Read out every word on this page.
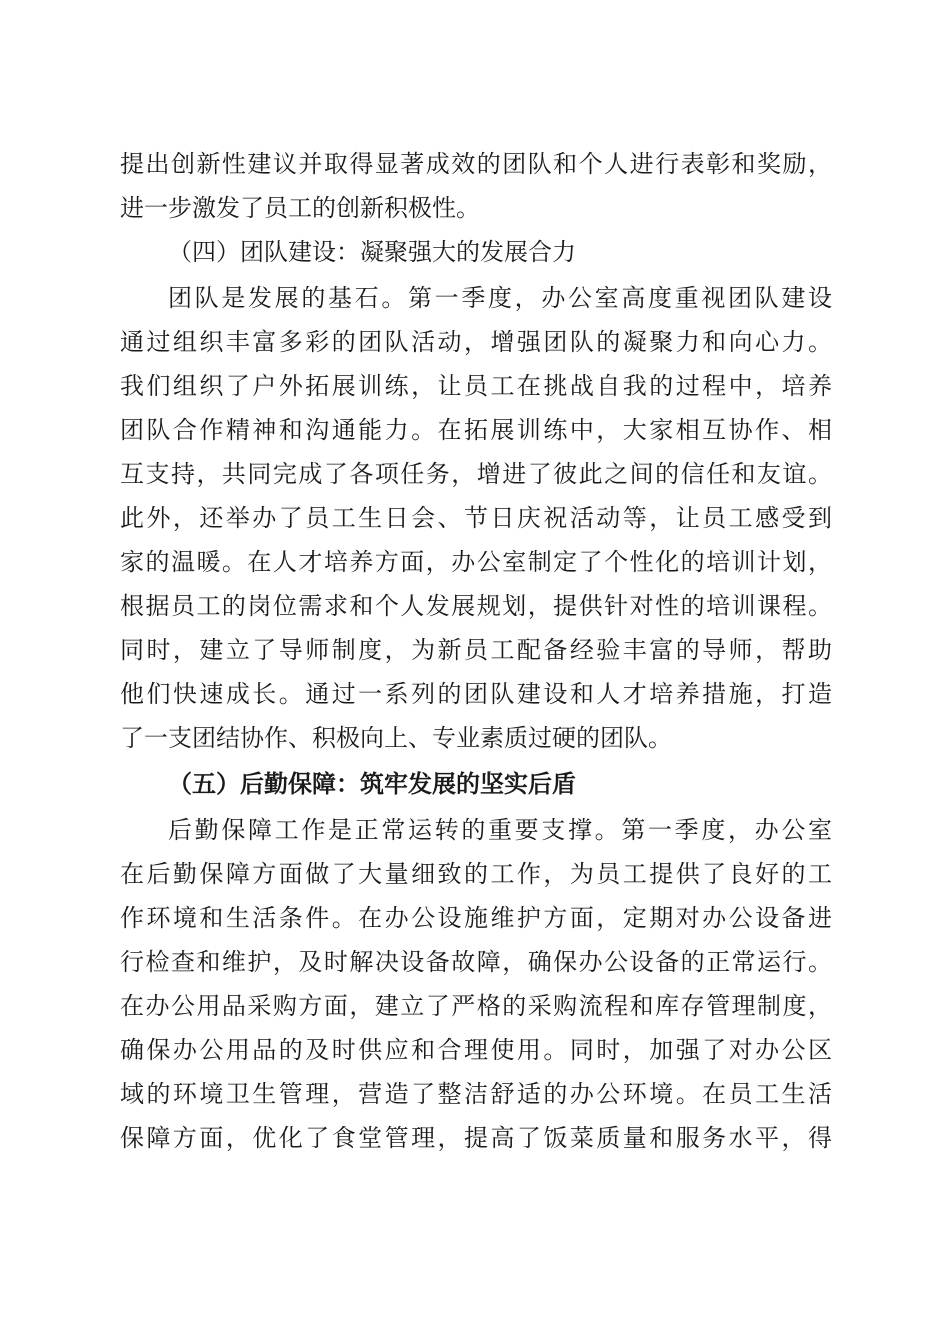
提出创新性建议并取得显著成效的团队和个人进行表彰和奖励，
进一步激发了员工的创新积极性。
（四）团队建设：凝聚强大的发展合力
团队是发展的基石。第一季度，办公室高度重视团队建设
通过组织丰富多彩的团队活动，增强团队的凝聚力和向心力。
我们组织了户外拓展训练，让员工在挑战自我的过程中，培养
团队合作精神和沟通能力。在拓展训练中，大家相互协作、相
互支持，共同完成了各项任务，增进了彼此之间的信任和友谊。
此外，还举办了员工生日会、节日庆祝活动等，让员工感受到
家的温暖。在人才培养方面，办公室制定了个性化的培训计划，
根据员工的岗位需求和个人发展规划，提供针对性的培训课程。
同时，建立了导师制度，为新员工配备经验丰富的导师，帮助
他们快速成长。通过一系列的团队建设和人才培养措施，打造
了一支团结协作、积极向上、专业素质过硬的团队。
（五）后勤保障：筑牢发展的坚实后盾
后勤保障工作是正常运转的重要支撑。第一季度，办公室
在后勤保障方面做了大量细致的工作，为员工提供了良好的工
作环境和生活条件。在办公设施维护方面，定期对办公设备进
行检查和维护，及时解决设备故障，确保办公设备的正常运行。
在办公用品采购方面，建立了严格的采购流程和库存管理制度，
确保办公用品的及时供应和合理使用。同时，加强了对办公区
域的环境卫生管理，营造了整洁舒适的办公环境。在员工生活
保障方面，优化了食堂管理，提高了饭菜质量和服务水平，得
